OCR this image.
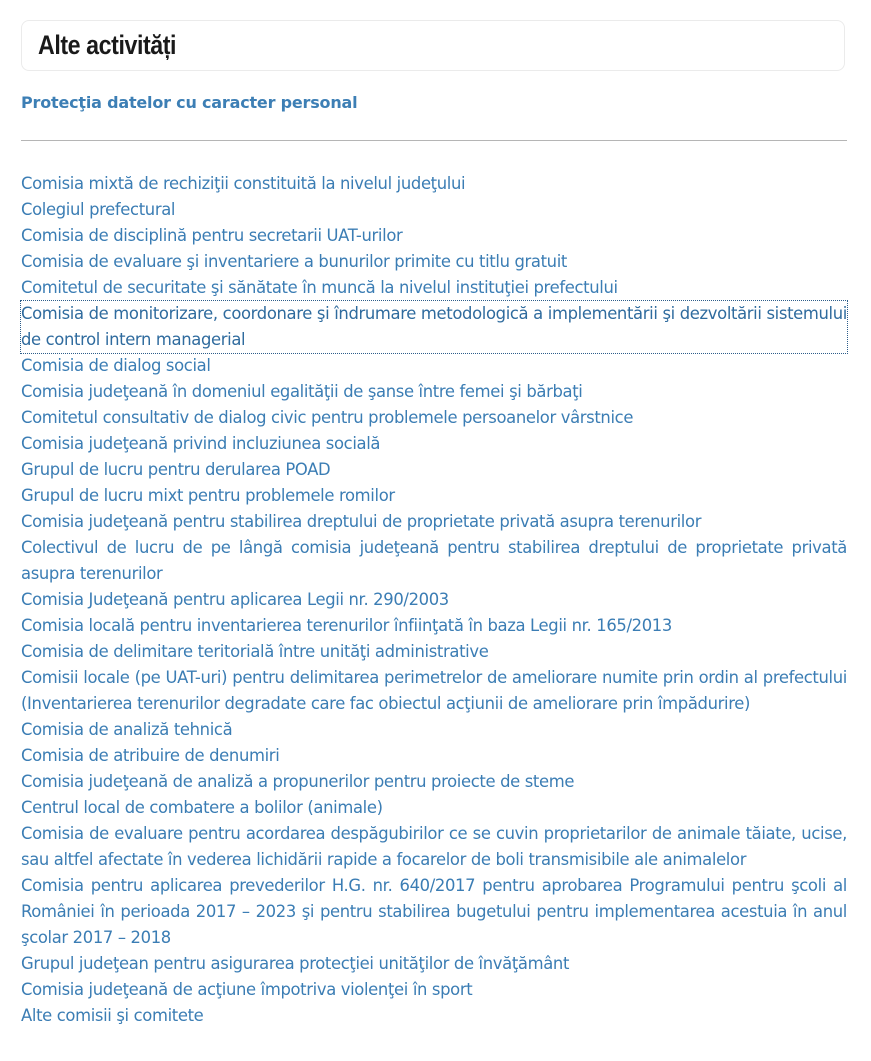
Alte activități
Protecţia datelor cu caracter personal
Comisia mixtă de rechiziţii constituită la nivelul judeţului
Colegiul prefectural
Comisia de disciplină pentru secretarii UAT-urilor
Comisia de evaluare şi inventariere a bunurilor primite cu titlu gratuit
Comitetul de securitate şi sănătate în muncă la nivelul instituţiei prefectului
Comisia de monitorizare, coordonare şi îndrumare metodologică a implementării şi dezvoltării sistemului de control intern managerial
Comisia de dialog social
Comisia judeţeană în domeniul egalităţii de şanse între femei şi bărbaţi
Comitetul consultativ de dialog civic pentru problemele persoanelor vârstnice
Comisia judeţeană privind incluziunea socială
Grupul de lucru pentru derularea POAD
Grupul de lucru mixt pentru problemele romilor
Comisia judeţeană pentru stabilirea dreptului de proprietate privată asupra terenurilor
Colectivul de lucru de pe lângă comisia judeţeană pentru stabilirea dreptului de proprietate privată asupra terenurilor
Comisia Judeţeană pentru aplicarea Legii nr. 290/2003
Comisia locală pentru inventarierea terenurilor înfiinţată în baza Legii nr. 165/2013
Comisia de delimitare teritorială între unităţi administrative
Comisii locale (pe UAT-uri) pentru delimitarea perimetrelor de ameliorare numite prin ordin al prefectului (Inventarierea terenurilor degradate care fac obiectul acţiunii de ameliorare prin împădurire)
Comisia de analiză tehnică
Comisia de atribuire de denumiri
Comisia judeţeană de analiză a propunerilor pentru proiecte de steme
Centrul local de combatere a bolilor (animale)
Comisia de evaluare pentru acordarea despăgubirilor ce se cuvin proprietarilor de animale tăiate, ucise, sau altfel afectate în vederea lichidării rapide a focarelor de boli transmisibile ale animalelor
Comisia pentru aplicarea prevederilor H.G. nr. 640/2017 pentru aprobarea Programului pentru şcoli al României în perioada 2017 – 2023 şi pentru stabilirea bugetului pentru implementarea acestuia în anul şcolar 2017 – 2018
Grupul judeţean pentru asigurarea protecţiei unităţilor de învăţământ
Comisia judeţeană de acţiune împotriva violenţei în sport
Alte comisii şi comitete
